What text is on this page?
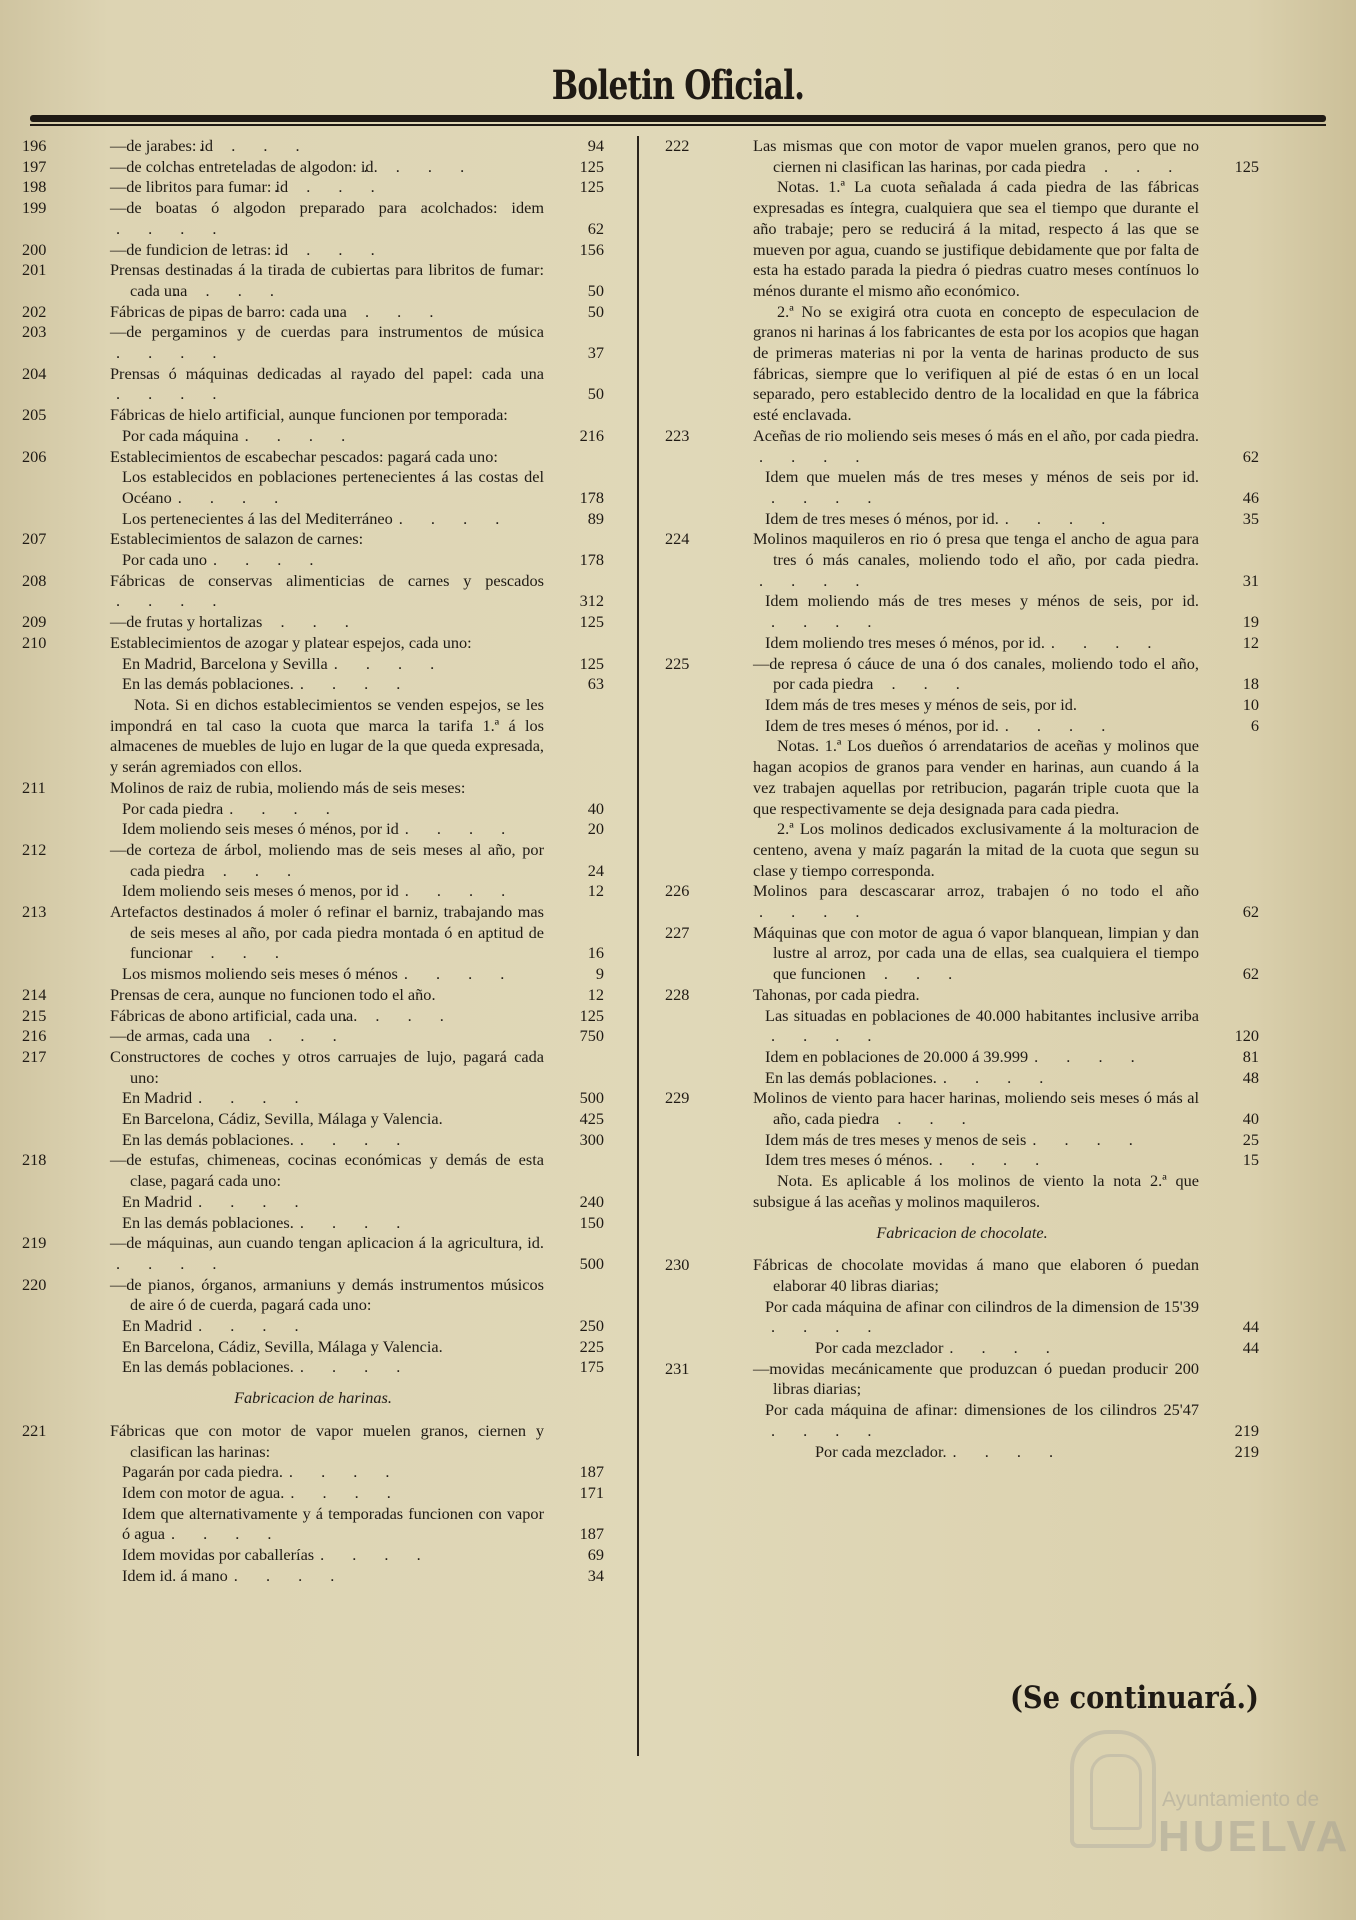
Boletin Oficial.
196	—de jarabes: id. . . .	94
197	—de colchas entreteladas de algodon: id.. . . .	125
198	—de libritos para fumar: id. . . .	125
199	—de boatas ó algodon preparado para acolchados: idem. . . .	62
200	—de fundicion de letras: id. . . .	156
201	Prensas destinadas á la tirada de cubiertas para libritos de fumar: cada una. . . .	50
202	Fábricas de pipas de barro: cada una. . . .	50
203	—de pergaminos y de cuerdas para instrumentos de música. . . .	37
204	Prensas ó máquinas dedicadas al rayado del papel: cada una. . . .	50
205	Fábricas de hielo artificial, aunque funcionen por temporada:
Por cada máquina . . . .	216
206	Establecimientos de escabechar pescados: pagará cada uno:
Los establecidos en poblaciones pertenecientes á las costas del Océano . . . .	178
Los pertenecientes á las del Mediterráneo . . . .	89
207	Establecimientos de salazon de carnes:
Por cada uno . . . .	178
208	Fábricas de conservas alimenticias de carnes y pescados. . . .	312
209	—de frutas y hortalizas. . . .	125
210	Establecimientos de azogar y platear espejos, cada uno:
En Madrid, Barcelona y Sevilla . . . .	125
En las demás poblaciones. . . . .	63
Nota. Si en dichos establecimientos se venden espejos, se les impondrá en tal caso la cuota que marca la tarifa 1.ª á los almacenes de muebles de lujo en lugar de la que queda expresada, y serán agremiados con ellos.
211	Molinos de raiz de rubia, moliendo más de seis meses:
Por cada piedra . . . .	40
Idem moliendo seis meses ó ménos, por id . . . .	20
212	—de corteza de árbol, moliendo mas de seis meses al año, por cada piedra. . . .	24
Idem moliendo seis meses ó menos, por id . . . .	12
213	Artefactos destinados á moler ó refinar el barniz, trabajando mas de seis meses al año, por cada piedra montada ó en aptitud de funcionar. . . .	16
Los mismos moliendo seis meses ó ménos . . . .	9
214	Prensas de cera, aunque no funcionen todo el año.	12
215	Fábricas de abono artificial, cada una.. . . .	125
216	—de armas, cada una. . . .	750
217	Constructores de coches y otros carruajes de lujo, pagará cada uno:
En Madrid . . . .	500
En Barcelona, Cádiz, Sevilla, Málaga y Valencia.	425
En las demás poblaciones. . . . .	300
218	—de estufas, chimeneas, cocinas económicas y demás de esta clase, pagará cada uno:
En Madrid . . . .	240
En las demás poblaciones. . . . .	150
219	—de máquinas, aun cuando tengan aplicacion á la agricultura, id.. . . .	500
220	—de pianos, órganos, armaniuns y demás instrumentos músicos de aire ó de cuerda, pagará cada uno:
En Madrid . . . .	250
En Barcelona, Cádiz, Sevilla, Málaga y Valencia.	225
En las demás poblaciones. . . . .	175
Fabricacion de harinas.
221	Fábricas que con motor de vapor muelen granos, ciernen y clasifican las harinas:
Pagarán por cada piedra. . . . .	187
Idem con motor de agua. . . . .	171
Idem que alternativamente y á temporadas funcionen con vapor ó agua . . . .	187
Idem movidas por caballerías . . . .	69
Idem id. á mano . . . .	34
222	Las mismas que con motor de vapor muelen granos, pero que no ciernen ni clasifican las harinas, por cada piedra. . . .	125
Notas. 1.ª La cuota señalada á cada piedra de las fábricas expresadas es íntegra, cualquiera que sea el tiempo que durante el año trabaje; pero se reducirá á la mitad, respecto á las que se mueven por agua, cuando se justifique debidamente que por falta de esta ha estado parada la piedra ó piedras cuatro meses contínuos lo ménos durante el mismo año económico.
2.ª No se exigirá otra cuota en concepto de especulacion de granos ni harinas á los fabricantes de esta por los acopios que hagan de primeras materias ni por la venta de harinas producto de sus fábricas, siempre que lo verifiquen al pié de estas ó en un local separado, pero establecido dentro de la localidad en que la fábrica esté enclavada.
223	Aceñas de rio moliendo seis meses ó más en el año, por cada piedra.. . . .	62
Idem que muelen más de tres meses y ménos de seis por id.. . . .	46
Idem de tres meses ó ménos, por id. . . . .	35
224	Molinos maquileros en rio ó presa que tenga el ancho de agua para tres ó más canales, moliendo todo el año, por cada piedra.. . . .	31
Idem moliendo más de tres meses y ménos de seis, por id.. . . .	19
Idem moliendo tres meses ó ménos, por id. . . . .	12
225	—de represa ó cáuce de una ó dos canales, moliendo todo el año, por cada piedra. . . .	18
Idem más de tres meses y ménos de seis, por id.	10
Idem de tres meses ó ménos, por id. . . . .	6
Notas. 1.ª Los dueños ó arrendatarios de aceñas y molinos que hagan acopios de granos para vender en harinas, aun cuando á la vez trabajen aquellas por retribucion, pagarán triple cuota que la que respectivamente se deja designada para cada piedra.
2.ª Los molinos dedicados exclusivamente á la molturacion de centeno, avena y maíz pagarán la mitad de la cuota que segun su clase y tiempo corresponda.
226	Molinos para descascarar arroz, trabajen ó no todo el año. . . .	62
227	Máquinas que con motor de agua ó vapor blanquean, limpian y dan lustre al arroz, por cada una de ellas, sea cualquiera el tiempo que funcionen. . . .	62
228	Tahonas, por cada piedra.
Las situadas en poblaciones de 40.000 habitantes inclusive arriba. . . .	120
Idem en poblaciones de 20.000 á 39.999 . . . .	81
En las demás poblaciones. . . . .	48
229	Molinos de viento para hacer harinas, moliendo seis meses ó más al año, cada piedra. . . .	40
Idem más de tres meses y menos de seis . . . .	25
Idem tres meses ó ménos. . . . .	15
Nota. Es aplicable á los molinos de viento la nota 2.ª que subsigue á las aceñas y molinos maquileros.
Fabricacion de chocolate.
230	Fábricas de chocolate movidas á mano que elaboren ó puedan elaborar 40 libras diarias;
Por cada máquina de afinar con cilindros de la dimension de 15'39. . . .	44
Por cada mezclador . . . .	44
231	—movidas mecánicamente que produzcan ó puedan producir 200 libras diarias;
Por cada máquina de afinar: dimensiones de los cilindros 25'47. . . .	219
Por cada mezclador. . . . .	219
(Se continuará.)
Ayuntamiento de
HUELVA
